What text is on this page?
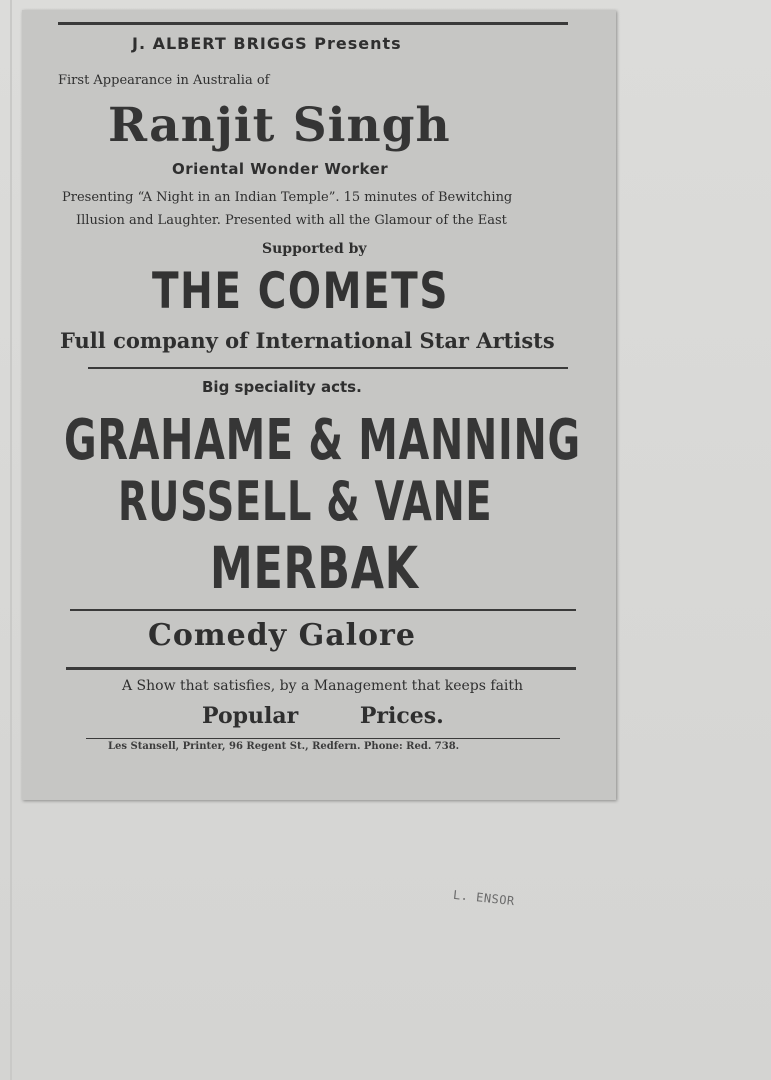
J. ALBERT BRIGGS Presents
First Appearance in Australia of
Ranjit Singh
Oriental Wonder Worker
Presenting “A Night in an Indian Temple”. 15 minutes of Bewitching
Illusion and Laughter. Presented with all the Glamour of the East
Supported by
THE COMETS
Full company of International Star Artists
Big speciality acts.
GRAHAME & MANNING
RUSSELL & VANE
MERBAK
Comedy Galore
A Show that satisfies, by a Management that keeps faith
Popular Prices.
Les Stansell, Printer, 96 Regent St., Redfern. Phone: Red. 738.
L. ENSOR
